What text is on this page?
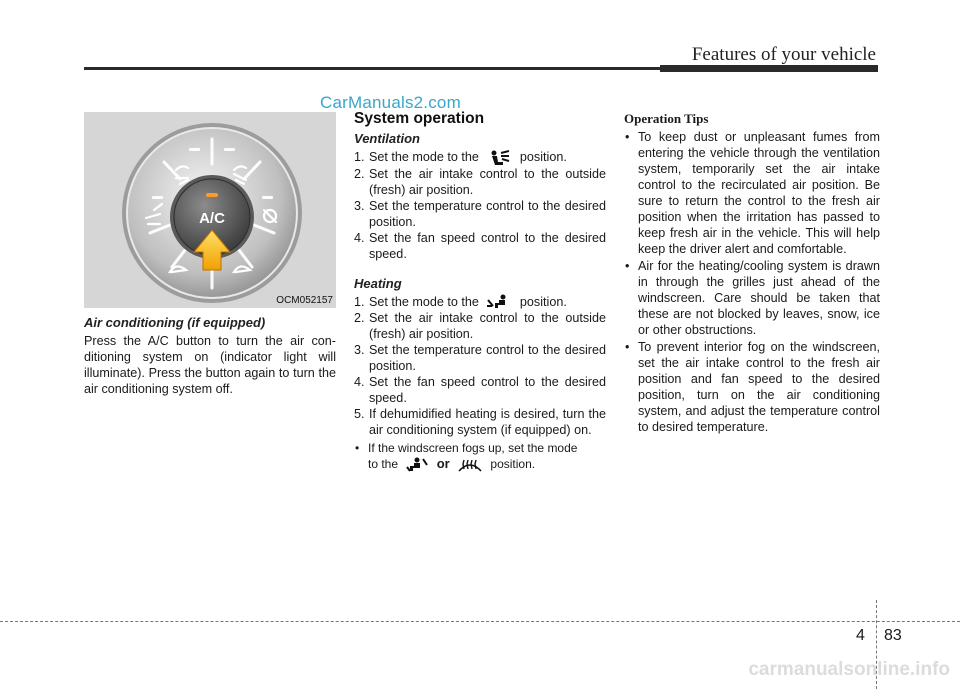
Features of your vehicle
CarManuals2.com
A/C
OCM052157
Air conditioning (if equipped)

Press the A/C button to turn the air conditioning system on (indicator light will illuminate). Press the button again to turn the air conditioning system off.

System operation
Ventilation
1. Set the mode to the	position.
2. Set the air intake control to the outside (fresh) air position.
3. Set the temperature control to the desired position.
4. Set the fan speed control to the desired speed.
Heating
1. Set the mode to the	position.
2. Set the air intake control to the outside (fresh) air position.
3. Set the temperature control to the desired position.
4. Set the fan speed control to the desired speed.
5. If dehumidified heating is desired, turn the air conditioning system (if equipped) on.
• If the windscreen fogs up, set the mode
to the	or	position.
Operation Tips
• To keep dust or unpleasant fumes from entering the vehicle through the ventilation system, temporarily set the air intake control to the recirculated air position. Be sure to return the control to the fresh air position when the irritation has passed to keep fresh air in the vehicle. This will help keep the driver alert and comfortable.
• Air for the heating/cooling system is drawn in through the grilles just ahead of the windscreen. Care should be taken that these are not blocked by leaves, snow, ice or other obstructions.
• To prevent interior fog on the windscreen, set the air intake control to the fresh air position and fan speed to the desired position, turn on the air conditioning system, and adjust the temperature control to desired temperature.
4 83
carmanualsonline.info
